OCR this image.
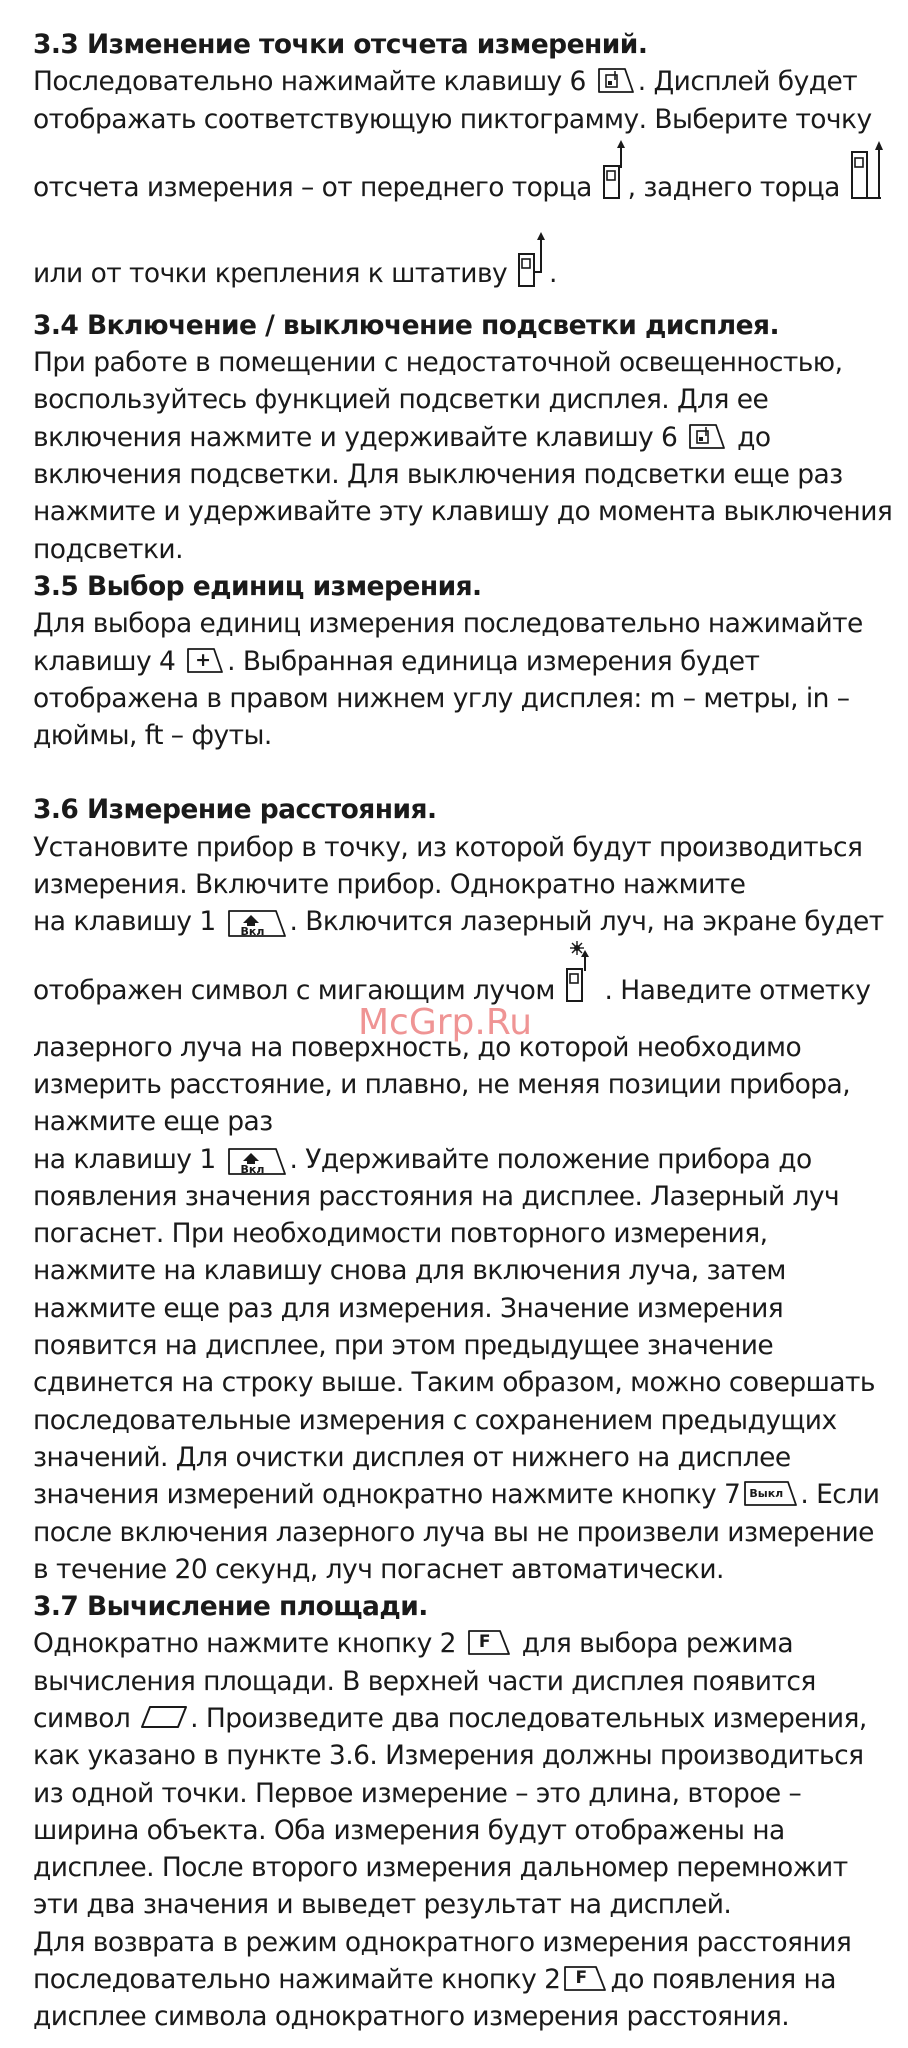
3.3 Изменение точки отсчета измерений.
Последовательно нажимайте клавишу 6 . Дисплей будет
отображать соответствующую пиктограмму. Выберите точку
отсчета измерения – от переднего торца , заднего торца
или от точки крепления к штативу .
3.4 Включение / выключение подсветки дисплея.
При работе в помещении с недостаточной освещенностью,
воспользуйтесь функцией подсветки дисплея. Для ее
включения нажмите и удерживайте клавишу 6 до
включения подсветки. Для выключения подсветки еще раз
нажмите и удерживайте эту клавишу до момента выключения
подсветки.
3.5 Выбор единиц измерения.
Для выбора единиц измерения последовательно нажимайте
клавишу 4 + . Выбранная единица измерения будет
отображена в правом нижнем углу дисплея: m – метры, in –
дюймы, ft – футы.
3.6 Измерение расстояния.
Установите прибор в точку, из которой будут производиться
измерения. Включите прибор. Однократно нажмите
на клавишу 1 Вкл . Включится лазерный луч, на экране будет
отображен символ с мигающим лучом . Наведите отметку
лазерного луча на поверхность, до которой необходимо
измерить расстояние, и плавно, не меняя позиции прибора,
нажмите еще раз
на клавишу 1 Вкл . Удерживайте положение прибора до
появления значения расстояния на дисплее. Лазерный луч
погаснет. При необходимости повторного измерения,
нажмите на клавишу снова для включения луча, затем
нажмите еще раз для измерения. Значение измерения
появится на дисплее, при этом предыдущее значение
сдвинется на строку выше. Таким образом, можно совершать
последовательные измерения с сохранением предыдущих
значений. Для очистки дисплея от нижнего на дисплее
значения измерений однократно нажмите кнопку 7 Выкл . Если
после включения лазерного луча вы не произвели измерение
в течение 20 секунд, луч погаснет автоматически.
3.7 Вычисление площади.
Однократно нажмите кнопку 2 F для выбора режима
вычисления площади. В верхней части дисплея появится
символ . Произведите два последовательных измерения,
как указано в пункте 3.6. Измерения должны производиться
из одной точки. Первое измерение – это длина, второе –
ширина объекта. Оба измерения будут отображены на
дисплее. После второго измерения дальномер перемножит
эти два значения и выведет результат на дисплей.
Для возврата в режим однократного измерения расстояния
последовательно нажимайте кнопку 2 F до появления на
дисплее символа однократного измерения расстояния.
McGrp.Ru
